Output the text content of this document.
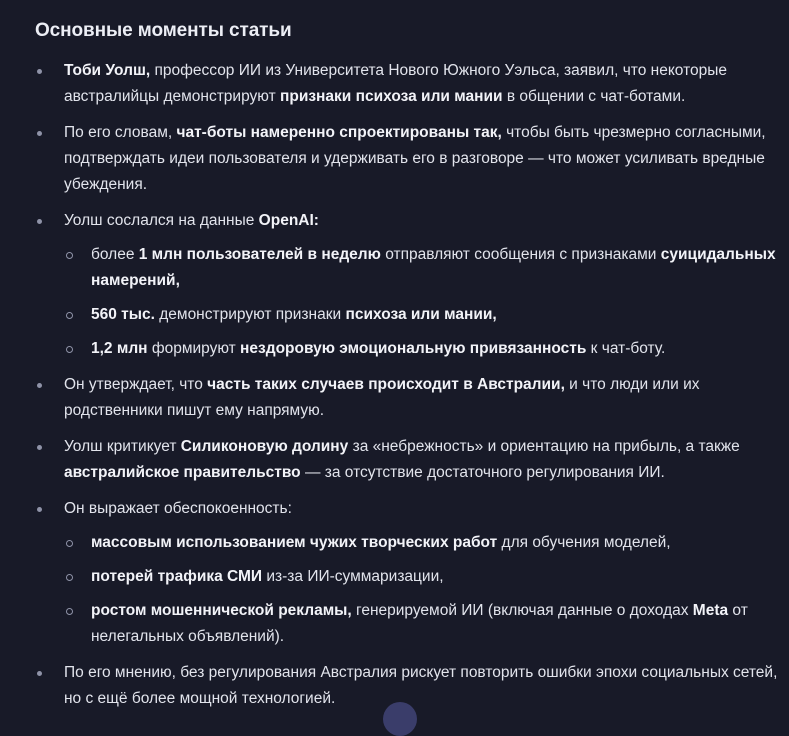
Основные моменты статьи
Тоби Уолш, профессор ИИ из Университета Нового Южного Уэльса, заявил, что некоторые австралийцы демонстрируют признаки психоза или мании в общении с чат-ботами.
По его словам, чат-боты намеренно спроектированы так, чтобы быть чрезмерно согласными, подтверждать идеи пользователя и удерживать его в разговоре — что может усиливать вредные убеждения.
Уолш сослался на данные OpenAI:
более 1 млн пользователей в неделю отправляют сообщения с признаками суицидальных намерений,
560 тыс. демонстрируют признаки психоза или мании,
1,2 млн формируют нездоровую эмоциональную привязанность к чат-боту.
Он утверждает, что часть таких случаев происходит в Австралии, и что люди или их родственники пишут ему напрямую.
Уолш критикует Силиконовую долину за «небрежность» и ориентацию на прибыль, а также австралийское правительство — за отсутствие достаточного регулирования ИИ.
Он выражает обеспокоенность:
массовым использованием чужих творческих работ для обучения моделей,
потерей трафика СМИ из-за ИИ-суммаризации,
ростом мошеннической рекламы, генерируемой ИИ (включая данные о доходах Meta от нелегальных объявлений).
По его мнению, без регулирования Австралия рискует повторить ошибки эпохи социальных сетей, но с ещё более мощной технологией.
